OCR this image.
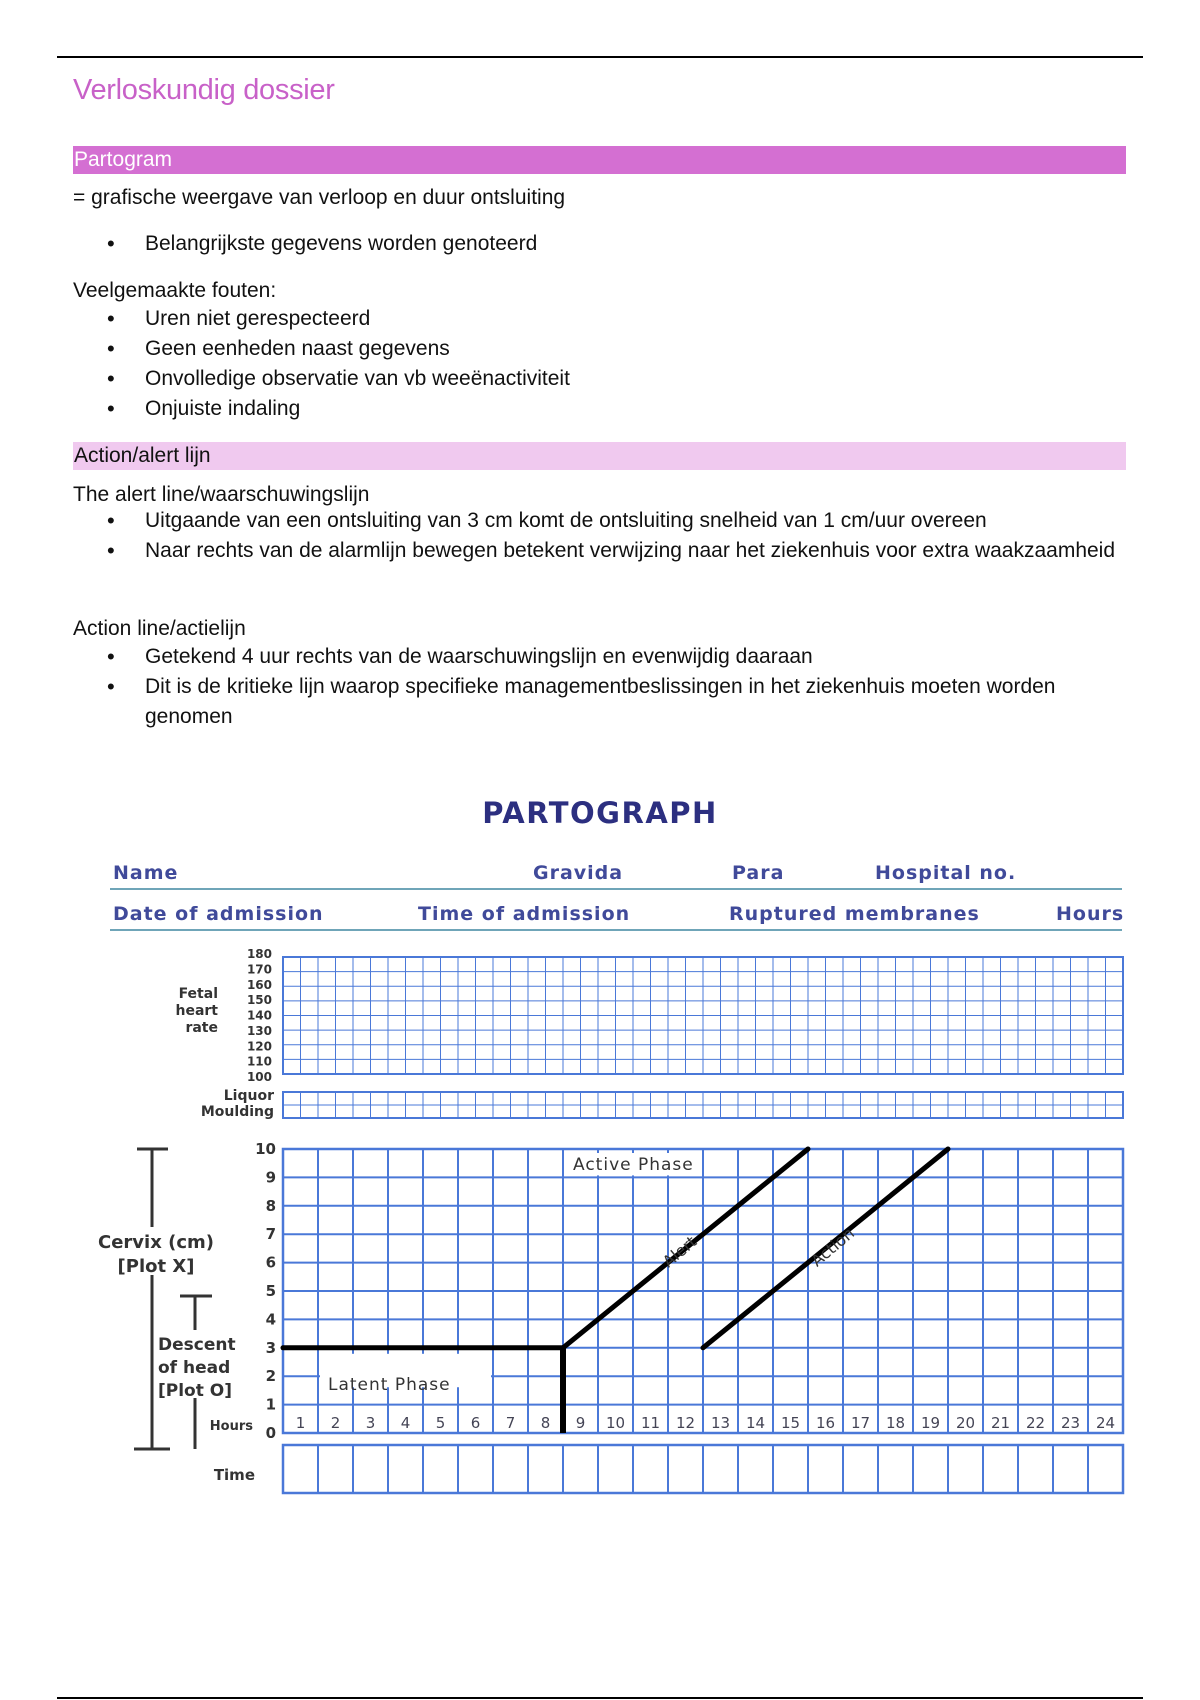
Verloskundig dossier
Partogram
= grafische weergave van verloop en duur ontsluiting
• Belangrijkste gegevens worden genoteerd
Veelgemaakte fouten:
• Uren niet gerespecteerd
• Geen eenheden naast gegevens
• Onvolledige observatie van vb weeënactiviteit
• Onjuiste indaling
Action/alert lijn
The alert line/waarschuwingslijn
• Uitgaande van een ontsluiting van 3 cm komt de ontsluiting snelheid van 1 cm/uur overeen
• Naar rechts van de alarmlijn bewegen betekent verwijzing naar het ziekenhuis voor extra waakzaamheid
Action line/actielijn
• Getekend 4 uur rechts van de waarschuwingslijn en evenwijdig daaraan
• Dit is de kritieke lijn waarop specifieke managementbeslissingen in het ziekenhuis moeten worden genomen
PARTOGRAPH
Name	Gravida	Para	Hospital no.
Date of admission	Time of admission	Ruptured membranes	Hours
180
170
160
150
140
130
120
110
100
Fetal
heart
rate
Liquor
Moulding
Time
10
9
8
7
6
5
4
3
2
1
0
1 2 3 4 5 6 7 8 9 10 11 12 13 14 15 16 17 18 19 20 21 22 23 24
Hours
Cervix (cm)
[Plot X]
Descent
of head
[Plot O]	Latent Phase
Active Phase
Alert	Action
